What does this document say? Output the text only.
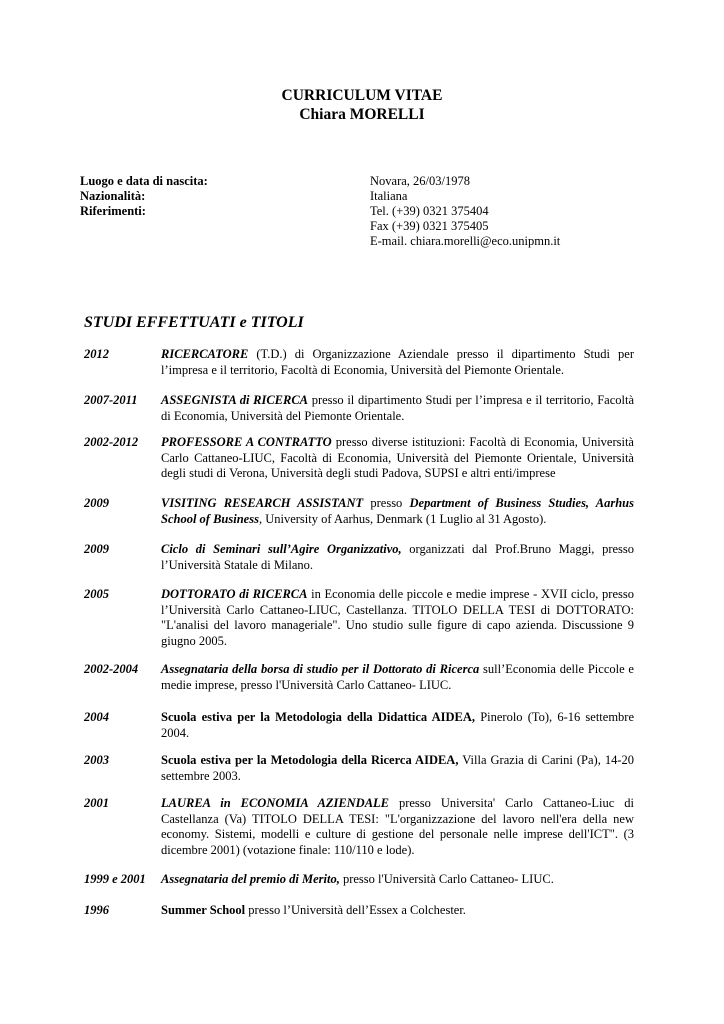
CURRICULUM VITAE
Chiara MORELLI
Luogo e data di nascita:	Novara, 26/03/1978
Nazionalità:	Italiana
Riferimenti:	Tel. (+39) 0321 375404
Fax (+39) 0321 375405
E-mail. chiara.morelli@eco.unipmn.it
STUDI EFFETTUATI e TITOLI
2012	RICERCATORE (T.D.) di Organizzazione Aziendale presso il dipartimento Studi per l’impresa e il territorio, Facoltà di Economia, Università del Piemonte Orientale.
2007-2011	ASSEGNISTA di RICERCA presso il dipartimento Studi per l’impresa e il territorio, Facoltà di Economia, Università del Piemonte Orientale.
2002-2012	PROFESSORE A CONTRATTO presso diverse istituzioni: Facoltà di Economia, Università Carlo Cattaneo-LIUC, Facoltà di Economia, Università del Piemonte Orientale, Università degli studi di Verona, Università degli studi Padova, SUPSI e altri enti/imprese
2009	VISITING RESEARCH ASSISTANT presso Department of Business Studies, Aarhus School of Business, University of Aarhus, Denmark (1 Luglio al 31 Agosto).
2009	Ciclo di Seminari sull’Agire Organizzativo, organizzati dal Prof.Bruno Maggi, presso l’Università Statale di Milano.
2005	DOTTORATO di RICERCA in Economia delle piccole e medie imprese - XVII ciclo, presso l’Università Carlo Cattaneo-LIUC, Castellanza. TITOLO DELLA TESI di DOTTORATO: "L'analisi del lavoro manageriale". Uno studio sulle figure di capo azienda. Discussione 9 giugno 2005.
2002-2004	Assegnataria della borsa di studio per il Dottorato di Ricerca sull’Economia delle Piccole e medie imprese, presso l'Università Carlo Cattaneo- LIUC.
2004	Scuola estiva per la Metodologia della Didattica AIDEA, Pinerolo (To), 6-16 settembre 2004.
2003	Scuola estiva per la Metodologia della Ricerca AIDEA, Villa Grazia di Carini (Pa), 14-20 settembre 2003.
2001	LAUREA in ECONOMIA AZIENDALE presso Universita' Carlo Cattaneo-Liuc di Castellanza (Va) TITOLO DELLA TESI: "L'organizzazione del lavoro nell'era della new economy. Sistemi, modelli e culture di gestione del personale nelle imprese dell'ICT". (3 dicembre 2001) (votazione finale: 110/110 e lode).
1999 e 2001	Assegnataria del premio di Merito, presso l'Università Carlo Cattaneo- LIUC.
1996	Summer School presso l’Università dell’Essex a Colchester.
